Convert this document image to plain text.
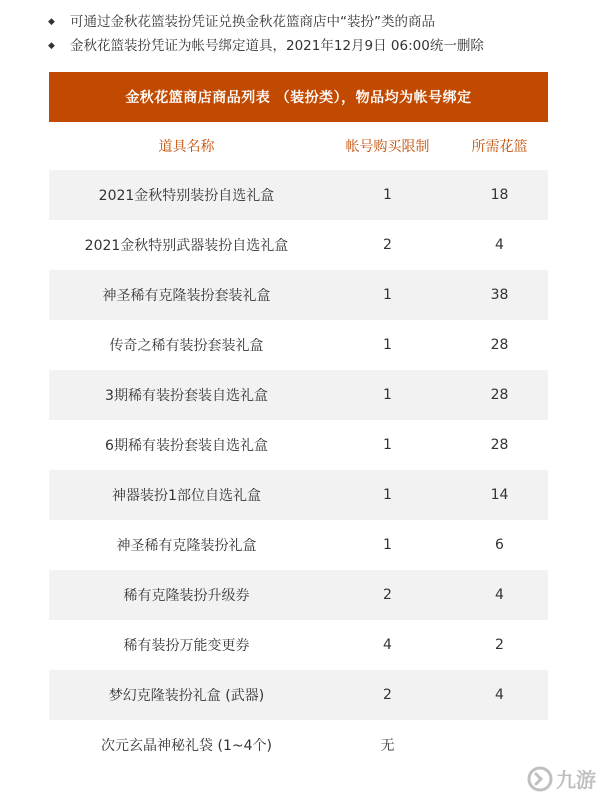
◆ 可通过金秋花篮装扮凭证兑换金秋花篮商店中“装扮”类的商品
◆ 金秋花篮装扮凭证为帐号绑定道具，2021年12月9日 06:00统一删除
金秋花篮商店商品列表 （装扮类），物品均为帐号绑定
道具名称	帐号购买限制	所需花篮
2021金秋特别装扮自选礼盒	1	18
2021金秋特别武器装扮自选礼盒	2	4
神圣稀有克隆装扮套装礼盒	1	38
传奇之稀有装扮套装礼盒	1	28
3期稀有装扮套装自选礼盒	1	28
6期稀有装扮套装自选礼盒	1	28
神器装扮1部位自选礼盒	1	14
神圣稀有克隆装扮礼盒	1	6
稀有克隆装扮升级券	2	4
稀有装扮万能变更券	4	2
梦幻克隆装扮礼盒 (武器)	2	4
次元玄晶神秘礼袋 (1~4个)	无
九游
